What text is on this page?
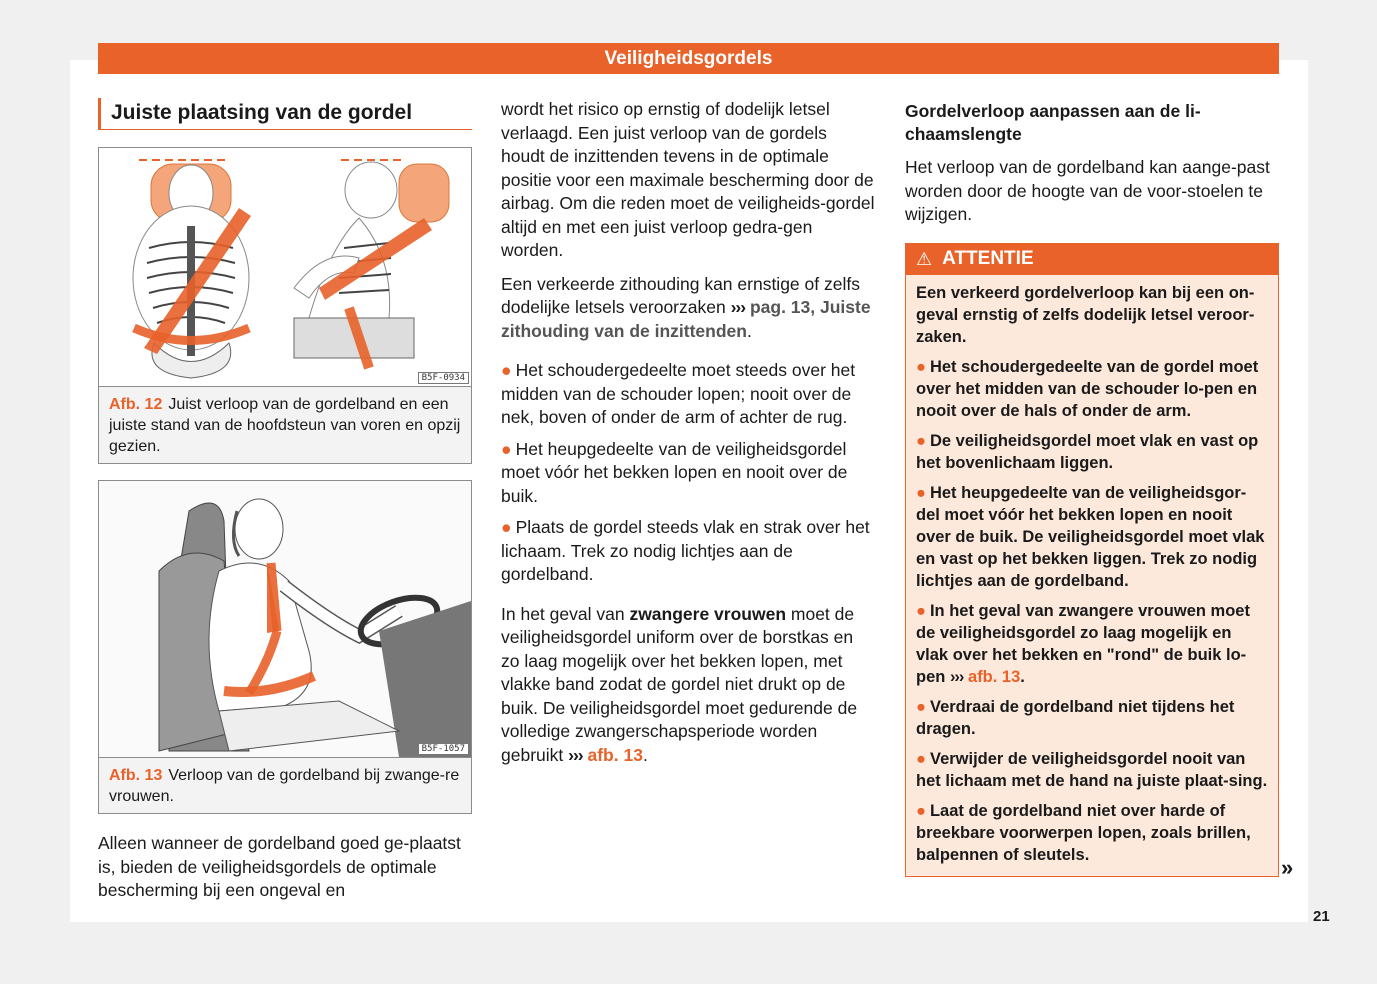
Veiligheidsgordels
Juiste plaatsing van de gordel
B5F-0934
Afb. 12 Juist verloop van de gordelband en een juiste stand van de hoofdsteun van voren en opzij gezien.
B5F-1057
Afb. 13 Verloop van de gordelband bij zwange-re vrouwen.

Alleen wanneer de gordelband goed ge-plaatst is, bieden de veiligheidsgordels de optimale bescherming bij een ongeval en

wordt het risico op ernstig of dodelijk letsel verlaagd. Een juist verloop van de gordels houdt de inzittenden tevens in de optimale positie voor een maximale bescherming door de airbag. Om die reden moet de veiligheids-gordel altijd en met een juist verloop gedra-gen worden.

Een verkeerde zithouding kan ernstige of zelfs dodelijke letsels veroorzaken ››› pag. 13, Juiste zithouding van de inzittenden.

● Het schoudergedeelte moet steeds over het midden van de schouder lopen; nooit over de nek, boven of onder de arm of achter de rug.
● Het heupgedeelte van de veiligheidsgordel moet vóór het bekken lopen en nooit over de buik.
● Plaats de gordel steeds vlak en strak over het lichaam. Trek zo nodig lichtjes aan de gordelband.

In het geval van zwangere vrouwen moet de veiligheidsgordel uniform over de borstkas en zo laag mogelijk over het bekken lopen, met vlakke band zodat de gordel niet drukt op de buik. De veiligheidsgordel moet gedurende de volledige zwangerschapsperiode worden gebruikt ››› afb. 13.

Gordelverloop aanpassen aan de li-chaamslengte

Het verloop van de gordelband kan aange-past worden door de hoogte van de voor-stoelen te wijzigen.

⚠ ATTENTIE
Een verkeerd gordelverloop kan bij een on-geval ernstig of zelfs dodelijk letsel veroor-zaken.
● Het schoudergedeelte van de gordel moet over het midden van de schouder lo-pen en nooit over de hals of onder de arm.
● De veiligheidsgordel moet vlak en vast op het bovenlichaam liggen.
● Het heupgedeelte van de veiligheidsgor-del moet vóór het bekken lopen en nooit over de buik. De veiligheidsgordel moet vlak en vast op het bekken liggen. Trek zo nodig lichtjes aan de gordelband.
● In het geval van zwangere vrouwen moet de veiligheidsgordel zo laag mogelijk en vlak over het bekken en "rond" de buik lo-pen ››› afb. 13.
● Verdraai de gordelband niet tijdens het dragen.
● Verwijder de veiligheidsgordel nooit van het lichaam met de hand na juiste plaat-sing.
● Laat de gordelband niet over harde of breekbare voorwerpen lopen, zoals brillen, balpennen of sleutels.
»
21
